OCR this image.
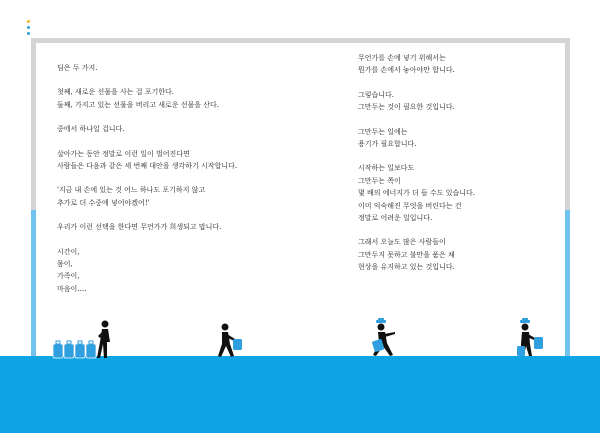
딤은 두 가지.

첫째, 새로운 선물을 사는 걸 포기한다.

둘째, 가지고 있는 선물을 버리고 새로운 선물을 산다.

중에서 하나일 겁니다.

살아가는 동안 정말로 이런 일이 벌어진다면

사람들은 다음과 같은 세 번째 대안을 생각하기 시작합니다.

'지금 내 손에 있는 것 어느 하나도 포기하지 않고

추가로 더 수중에 넣어야겠어!'

우리가 이런 선택을 한다면 무언가가 희생되고 맙니다.

시간이,

몸이,

가족이,

마음이….

무언가를 손에 넣기 위해서는

뭔가를 손에서 놓아야만 합니다.

그렇습니다.

그만두는 것이 필요한 것입니다.

그만두는 일에는

용기가 필요합니다.

시작하는 일보다도

그만두는 쪽이

몇 배의 에너지가 더 들 수도 있습니다.

이미 익숙해진 무엇을 버린다는 건

정말로 어려운 일입니다.

그래서 오늘도 많은 사람들이

그만두지 못하고 불만을 품은 채

현상을 유지하고 있는 것입니다.
